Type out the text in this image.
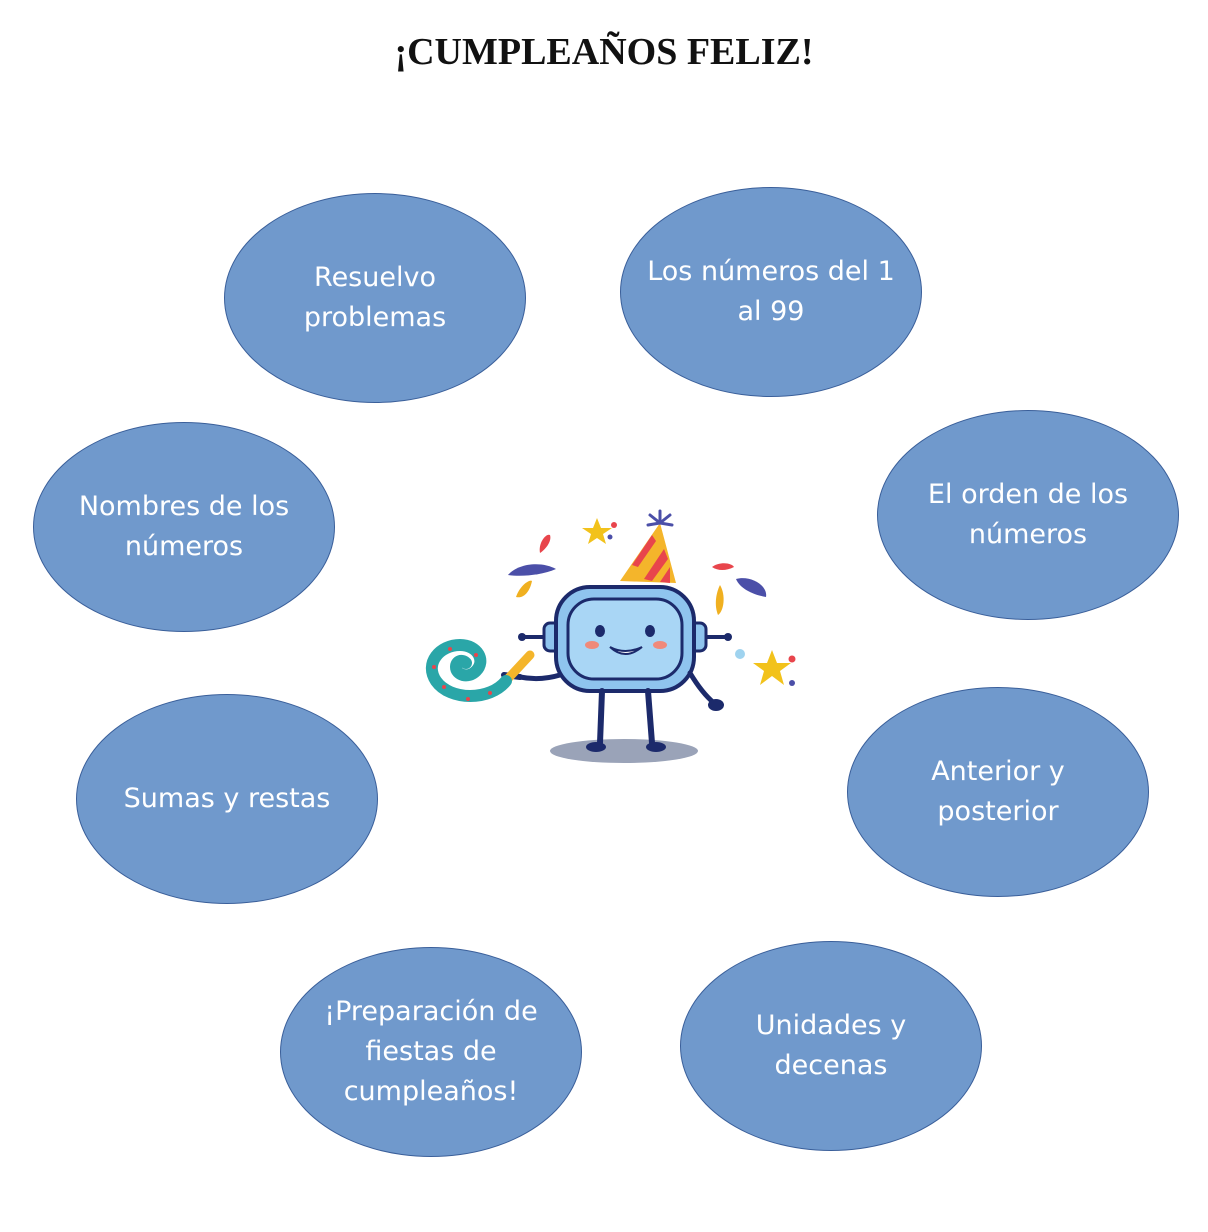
¡CUMPLEAÑOS FELIZ!
Resuelvo problemas
Los números del 1 al 99
Nombres de los números
El orden de los números
Sumas y restas
Anterior y posterior
¡Preparación de fiestas de cumpleaños!
Unidades y decenas
